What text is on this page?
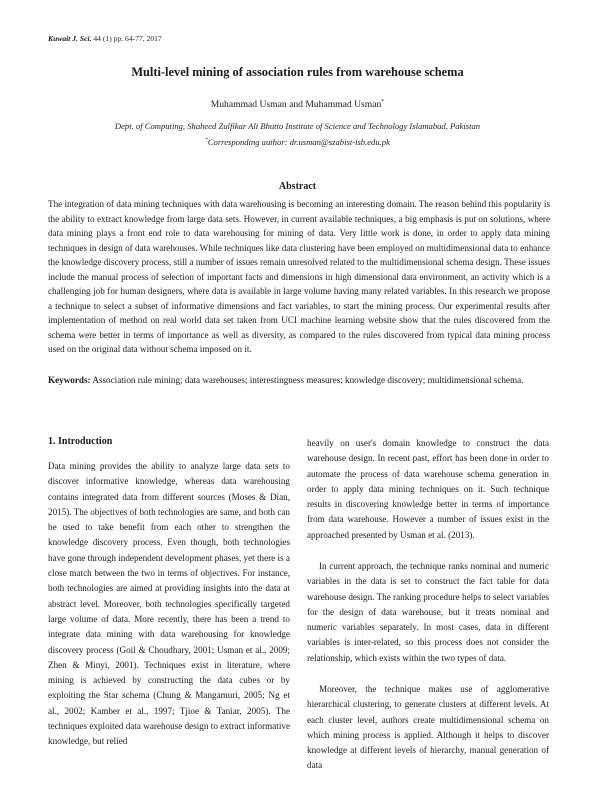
Kuwait J. Sci. 44 (1) pp. 64-77, 2017
Multi-level mining of association rules from warehouse schema
Muhammad Usman and Muhammad Usman*
Dept. of Computing, Shaheed Zulfikar Ali Bhutto Institute of Science and Technology Islamabad, Pakistan
*Corresponding author: dr.usman@szabist-isb.edu.pk
Abstract

The integration of data mining techniques with data warehousing is becoming an interesting domain. The reason behind this popularity is the ability to extract knowledge from large data sets. However, in current available techniques, a big emphasis is put on solutions, where data mining plays a front end role to data warehousing for mining of data. Very little work is done, in order to apply data mining techniques in design of data warehouses. While techniques like data clustering have been employed on multidimensional data to enhance the knowledge discovery process, still a number of issues remain unresolved related to the multidimensional schema design. These issues include the manual process of selection of important facts and dimensions in high dimensional data environment, an activity which is a challenging job for human designers, where data is available in large volume having many related variables. In this research we propose a technique to select a subset of informative dimensions and fact variables, to start the mining process. Our experimental results after implementation of method on real world data set taken from UCI machine learning website show that the rules discovered from the schema were better in terms of importance as well as diversity, as compared to the rules discovered from typical data mining process used on the original data without schema imposed on it.

Keywords: Association rule mining; data warehouses; interestingness measures; knowledge discovery; multidimensional schema.

1. Introduction

Data mining provides the ability to analyze large data sets to discover informative knowledge, whereas data warehousing contains integrated data from different sources (Moses & Dian, 2015). The objectives of both technologies are same, and both can be used to take benefit from each other to strengthen the knowledge discovery process. Even though, both technologies have gone through independent development phases, yet there is a close match between the two in terms of objectives. For instance, both technologies are aimed at providing insights into the data at abstract level. Moreover, both technologies specifically targeted large volume of data. More recently, there has been a trend to integrate data mining with data warehousing for knowledge discovery process (Goil & Choudhary, 2001; Usman et al., 2009; Zhen & Minyi, 2001). Techniques exist in literature, where mining is achieved by constructing the data cubes or by exploiting the Star schema (Chung & Mangamuri, 2005; Ng et al., 2002; Kamber et al., 1997; Tjioe & Taniar, 2005). The techniques exploited data warehouse design to extract informative knowledge, but relied

heavily on user's domain knowledge to construct the data warehouse design. In recent past, effort has been done in order to automate the process of data warehouse schema generation in order to apply data mining techniques on it. Such technique results in discovering knowledge better in terms of importance from data warehouse. However a number of issues exist in the approached presented by Usman et al. (2013).

In current approach, the technique ranks nominal and numeric variables in the data is set to construct the fact table for data warehouse design. The ranking procedure helps to select variables for the design of data warehouse, but it treats nominal and numeric variables separately. In most cases, data in different variables is inter-related, so this process does not consider the relationship, which exists within the two types of data.

Moreover, the technique makes use of agglomerative hierarchical clustering, to generate clusters at different levels. At each cluster level, authors create multidimensional schema on which mining process is applied. Although it helps to discover knowledge at different levels of hierarchy, manual generation of data
